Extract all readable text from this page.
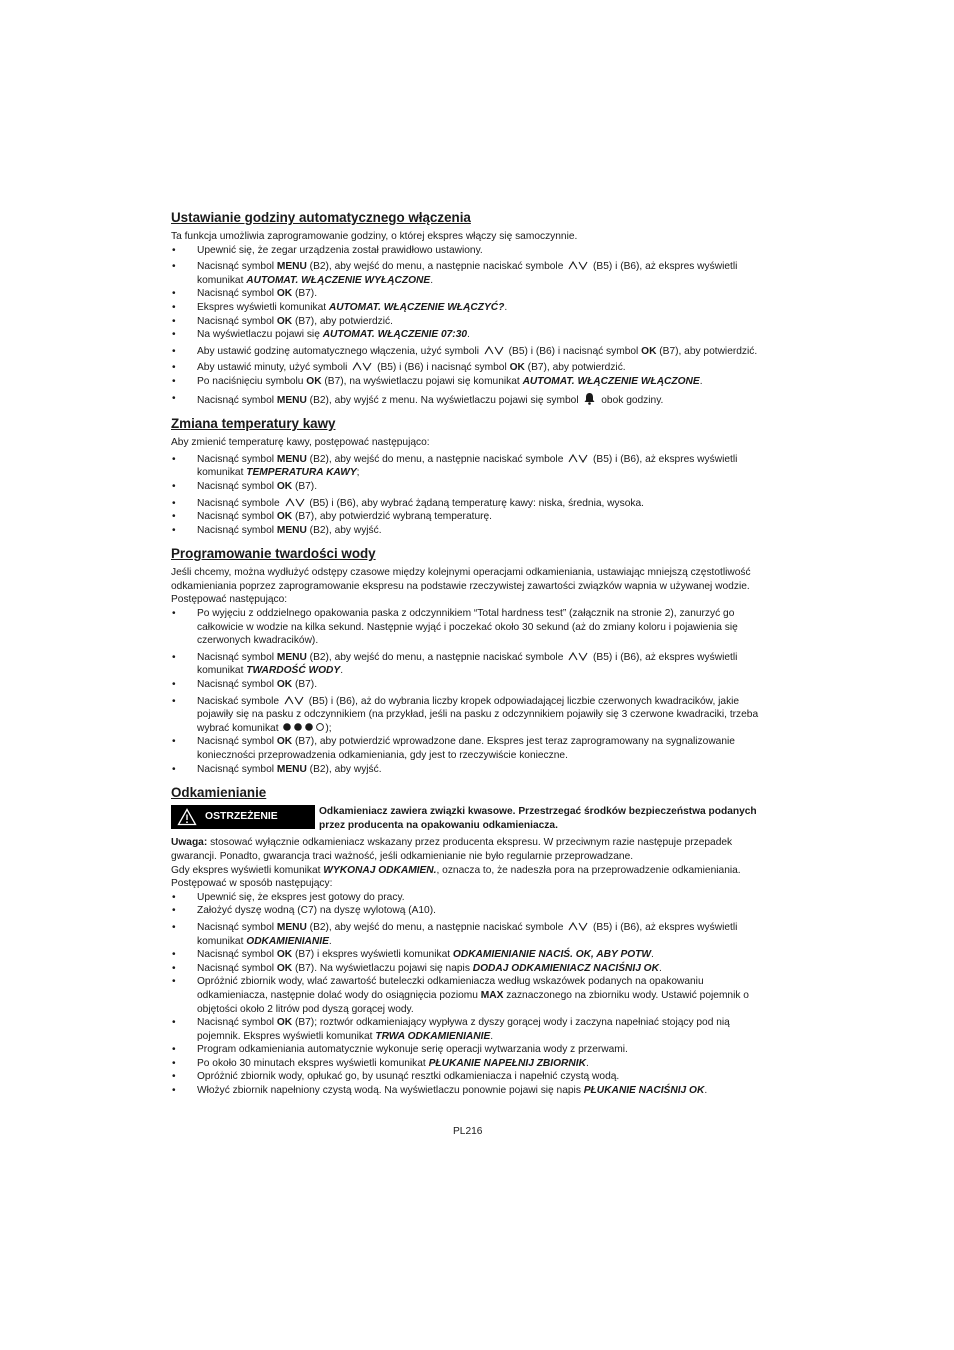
Ustawianie godziny automatycznego włączenia

Ta funkcja umożliwia zaprogramowanie godziny, o której ekspres włączy się samoczynnie.

• Upewnić się, że zegar urządzenia został prawidłowo ustawiony.
• Nacisnąć symbol MENU (B2), aby wejść do menu, a następnie naciskać symbole  (B5) i (B6), aż ekspres wyświetli komunikat AUTOMAT. WŁĄCZENIE WYŁĄCZONE.
• Nacisnąć symbol OK (B7).
• Ekspres wyświetli komunikat AUTOMAT. WŁĄCZENIE WŁĄCZYĆ?.
• Nacisnąć symbol OK (B7), aby potwierdzić.
• Na wyświetlaczu pojawi się AUTOMAT. WŁĄCZENIE 07:30.
• Aby ustawić godzinę automatycznego włączenia, użyć symboli  (B5) i (B6) i nacisnąć symbol OK (B7), aby potwierdzić.
• Aby ustawić minuty, użyć symboli  (B5) i (B6) i nacisnąć symbol OK (B7), aby potwierdzić.
• Po naciśnięciu symbolu OK (B7), na wyświetlaczu pojawi się komunikat AUTOMAT. WŁĄCZENIE WŁĄCZONE.
• Nacisnąć symbol MENU (B2), aby wyjść z menu. Na wyświetlaczu pojawi się symbol  obok godziny.
Zmiana temperatury kawy

Aby zmienić temperaturę kawy, postępować następująco:

• Nacisnąć symbol MENU (B2), aby wejść do menu, a następnie naciskać symbole  (B5) i (B6), aż ekspres wyświetli komunikat TEMPERATURA KAWY;
• Nacisnąć symbol OK (B7).
• Nacisnąć symbole  (B5) i (B6), aby wybrać żądaną temperaturę kawy: niska, średnia, wysoka.
• Nacisnąć symbol OK (B7), aby potwierdzić wybraną temperaturę.
• Nacisnąć symbol MENU (B2), aby wyjść.
Programowanie twardości wody

Jeśli chcemy, można wydłużyć odstępy czasowe między kolejnymi operacjami odkamieniania, ustawiając mniejszą częstotliwość odkamieniania poprzez zaprogramowanie ekspresu na podstawie rzeczywistej zawartości związków wapnia w używanej wodzie. Postępować następująco:

• Po wyjęciu z oddzielnego opakowania paska z odczynnikiem “Total hardness test” (załącznik na stronie 2), zanurzyć go całkowicie w wodzie na kilka sekund. Następnie wyjąć i poczekać około 30 sekund (aż do zmiany koloru i pojawienia się czerwonych kwadracików).
• Nacisnąć symbol MENU (B2), aby wejść do menu, a następnie naciskać symbole  (B5) i (B6), aż ekspres wyświetli komunikat TWARDOŚĆ WODY.
• Nacisnąć symbol OK (B7).
• Naciskać symbole  (B5) i (B6), aż do wybrania liczby kropek odpowiadającej liczbie czerwonych kwadracików, jakie pojawiły się na pasku z odczynnikiem (na przykład, jeśli na pasku z odczynnikiem pojawiły się 3 czerwone kwadraciki, trzeba wybrać komunikat	);
• Nacisnąć symbol OK (B7), aby potwierdzić wprowadzone dane. Ekspres jest teraz zaprogramowany na sygnalizowanie konieczności przeprowadzenia odkamieniania, gdy jest to rzeczywiście konieczne.
• Nacisnąć symbol MENU (B2), aby wyjść.
Odkamienianie
OSTRZEŻENIE	Odkamieniacz zawiera związki kwasowe. Przestrzegać środków bezpieczeństwa podanych przez producenta na opakowaniu odkamieniacza.

Uwaga: stosować wyłącznie odkamieniacz wskazany przez producenta ekspresu. W przeciwnym razie następuje przepadek gwarancji. Ponadto, gwarancja traci ważność, jeśli odkamienianie nie było regularnie przeprowadzane.

Gdy ekspres wyświetli komunikat WYKONAJ ODKAMIEN., oznacza to, że nadeszła pora na przeprowadzenie odkamieniania. Postępować w sposób następujący:

• Upewnić się, że ekspres jest gotowy do pracy.
• Założyć dyszę wodną (C7) na dyszę wylotową (A10).
• Nacisnąć symbol MENU (B2), aby wejść do menu, a następnie naciskać symbole  (B5) i (B6), aż ekspres wyświetli komunikat ODKAMIENIANIE.
• Nacisnąć symbol OK (B7) i ekspres wyświetli komunikat ODKAMIENIANIE NACIŚ. OK, ABY POTW.
• Nacisnąć symbol OK (B7). Na wyświetlaczu pojawi się napis DODAJ ODKAMIENIACZ NACIŚNIJ OK.
• Opróżnić zbiornik wody, wlać zawartość buteleczki odkamieniacza według wskazówek podanych na opakowaniu odkamieniacza, następnie dolać wody do osiągnięcia poziomu MAX zaznaczonego na zbiorniku wody. Ustawić pojemnik o objętości około 2 litrów pod dyszą gorącej wody.
• Nacisnąć symbol OK (B7); roztwór odkamieniający wypływa z dyszy gorącej wody i zaczyna napełniać stojący pod nią pojemnik. Ekspres wyświetli komunikat TRWA ODKAMIENIANIE.
• Program odkamieniania automatycznie wykonuje serię operacji wytwarzania wody z przerwami.
• Po około 30 minutach ekspres wyświetli komunikat PŁUKANIE NAPEŁNIJ ZBIORNIK.
• Opróżnić zbiornik wody, opłukać go, by usunąć resztki odkamieniacza i napełnić czystą wodą.
• Włożyć zbiornik napełniony czystą wodą. Na wyświetlaczu ponownie pojawi się napis PŁUKANIE NACIŚNIJ OK.
PL216
